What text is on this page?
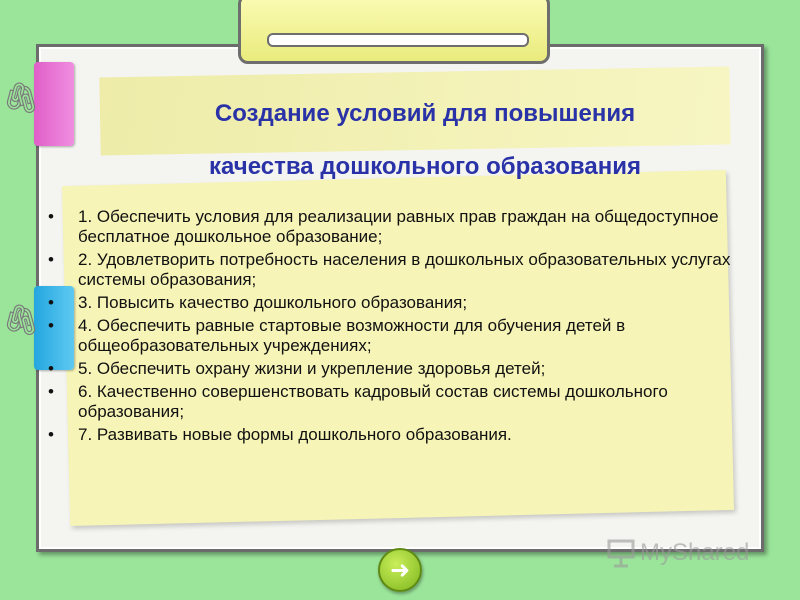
🖇︎
🖇︎
Создание условий для повышения
качества дошкольного образования
• 1. Обеспечить условия для реализации равных прав граждан на общедоступное бесплатное дошкольное образование;
• 2. Удовлетворить потребность населения в дошкольных образовательных услугах системы образования;
• 3. Повысить качество дошкольного образования;
• 4. Обеспечить равные стартовые возможности для обучения детей в общеобразовательных учреждениях;
• 5. Обеспечить охрану жизни и укрепление здоровья детей;
• 6. Качественно совершенствовать кадровый состав системы дошкольного образования;
• 7. Развивать новые формы дошкольного образования.
➜
MyShared
